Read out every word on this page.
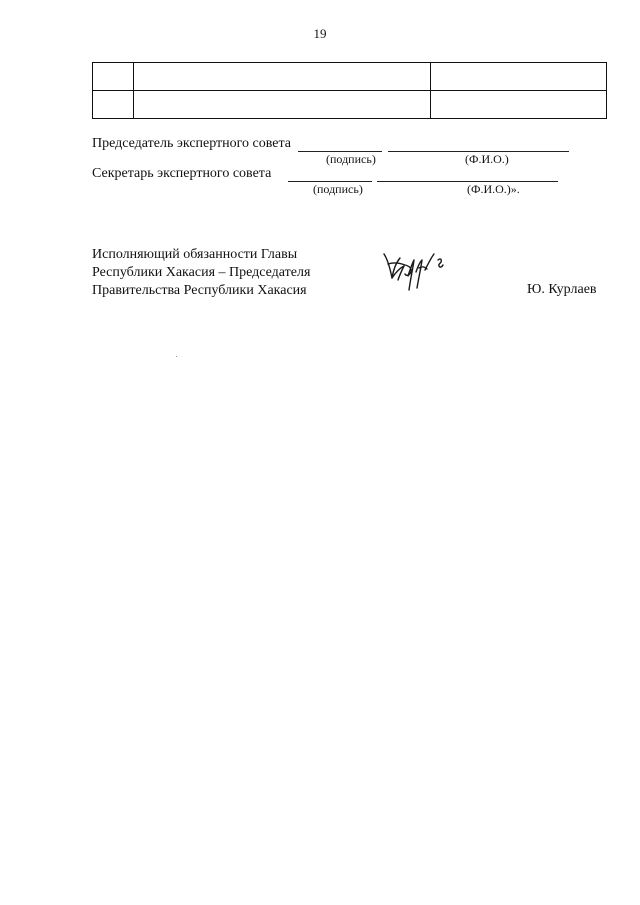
19

Председатель экспертного совета
(подпись)	(Ф.И.О.)
Секретарь экспертного совета
(подпись)	(Ф.И.О.)».
Исполняющий обязанности Главы
Республики Хакасия – Председателя
Правительства Республики Хакасия	Ю. Курлаев
